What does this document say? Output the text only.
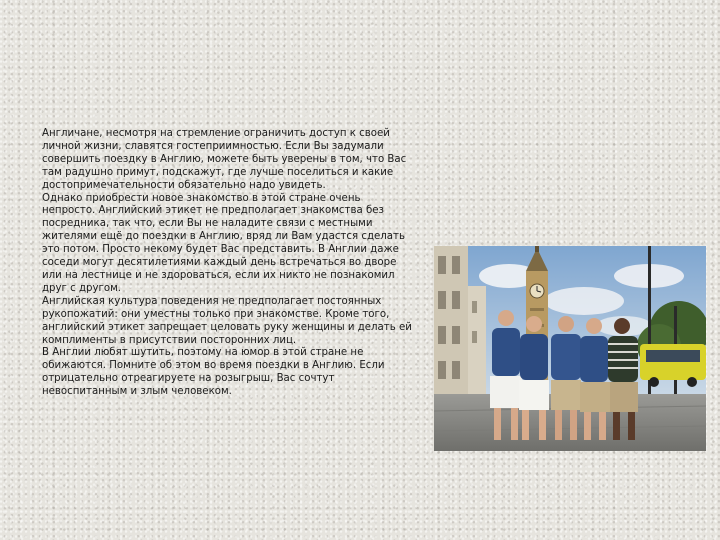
Англичане, несмотря на стремление ограничить доступ к своей личной жизни, славятся гостеприимностью. Если Вы задумали совершить поездку в Англию, можете быть уверены в том, что Вас там радушно примут, подскажут, где лучше поселиться и какие достопримечательности обязательно надо увидеть.

Однако приобрести новое знакомство в этой стране очень непросто. Английский этикет не предполагает знакомства без посредника, так что, если Вы не наладите связи с местными жителями ещё до поездки в Англию, вряд ли Вам удастся сделать это потом. Просто некому будет Вас представить. В Англии даже соседи могут десятилетиями каждый день встречаться во дворе или на лестнице и не здороваться, если их никто не познакомил друг с другом.

Английская культура поведения не предполагает постоянных рукопожатий: они уместны только при знакомстве. Кроме того, английский этикет запрещает целовать руку женщины и делать ей комплименты в присутствии посторонних лиц.

В Англии любят шутить, поэтому на юмор в этой стране не обижаются. Помните об этом во время поездки в Англию. Если отрицательно отреагируете на розыгрыш, Вас сочтут невоспитанным и злым человеком.
